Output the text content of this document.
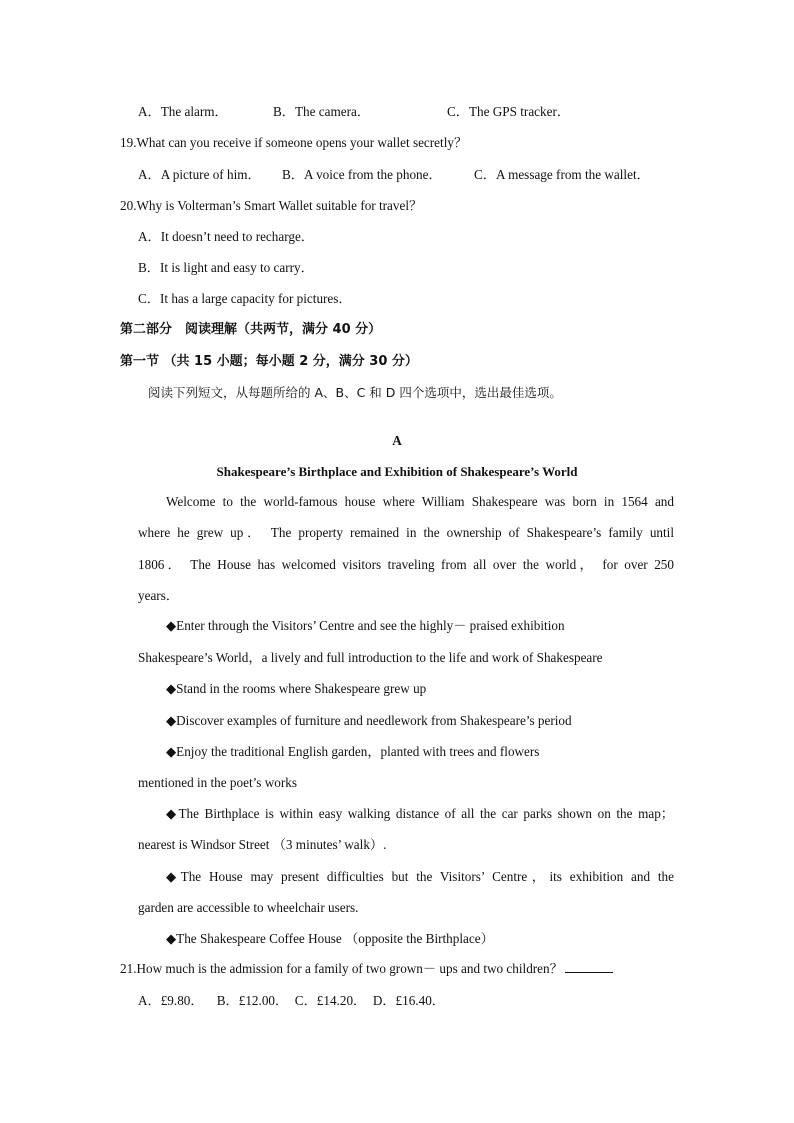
A．The alarm．	B．The camera．	C．The GPS tracker．
19.What can you receive if someone opens your wallet secretly？
A．A picture of him． B．A voice from the phone． C．A message from the wallet．
20.Why is Volterman’s Smart Wallet suitable for travel？
A．It doesn’t need to recharge．
B．It is light and easy to carry．
C．It has a large capacity for pictures．
第二部分　阅读理解（共两节，满分 40 分）
第一节 （共 15 小题；每小题 2 分，满分 30 分）
阅读下列短文，从每题所给的 A、B、C 和 D 四个选项中，选出最佳选项。
A
Shakespeare’s Birthplace and Exhibition of Shakespeare’s World
Welcome to the world-famous house where William Shakespeare was born in 1564 and
where he grew up． The property remained in the ownership of Shakespeare’s family until
1806． The House has welcomed visitors traveling from all over the world， for over 250
years．
◆Enter through the Visitors’ Centre and see the highly－ praised exhibition
Shakespeare’s World，a lively and full introduction to the life and work of Shakespeare
◆Stand in the rooms where Shakespeare grew up
◆Discover examples of furniture and needlework from Shakespeare’s period
◆Enjoy the traditional English garden，planted with trees and flowers
mentioned in the poet’s works
◆The Birthplace is within easy walking distance of all the car parks shown on the map；
nearest is Windsor Street （3 minutes’ walk）.
◆The House may present difficulties but the Visitors’ Centre，its exhibition and the
garden are accessible to wheelchair users.
◆The Shakespeare Coffee House （opposite the Birthplace）
21.How much is the admission for a family of two grown－ ups and two children？
A．£9.80．    B．£12.00．  C．£14.20．  D．£16.40．
